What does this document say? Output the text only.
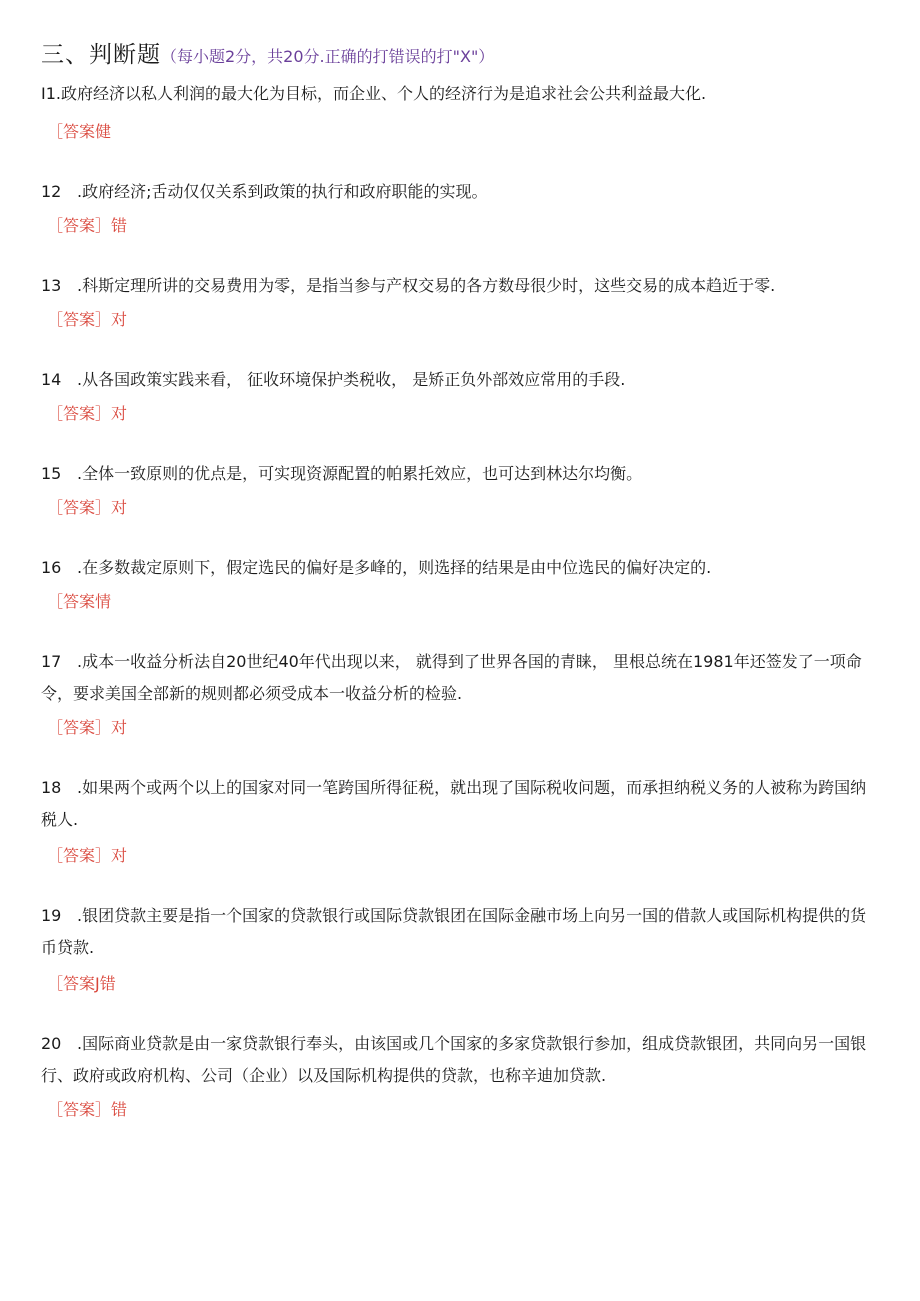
三、判断题（每小题2分，共20分.正确的打错误的打"X"）
I1.政府经济以私人利润的最大化为目标，而企业、个人的经济行为是追求社会公共利益最大化.
［答案健
12 .政府经济;舌动仅仅关系到政策的执行和政府职能的实现。
［答案］错
13 .科斯定理所讲的交易费用为零，是指当参与产权交易的各方数母很少时，这些交易的成本趋近于零.
［答案］对
14 .从各国政策实践来看， 征收环境保护类税收， 是矫正负外部效应常用的手段.
［答案］对
15 .全体一致原则的优点是，可实现资源配置的帕累托效应，也可达到林达尔均衡。
［答案］对
16 .在多数裁定原则下，假定选民的偏好是多峰的，则选择的结果是由中位选民的偏好决定的.
［答案情
17 .成本一收益分析法自20世纪40年代出现以来， 就得到了世界各国的青睐， 里根总统在1981年还签发了一项命令，要求美国全部新的规则都必须受成本一收益分析的检验.
［答案］对
18 .如果两个或两个以上的国家对同一笔跨国所得征税，就出现了国际税收问题，而承担纳税义务的人被称为跨国纳税人.
［答案］对
19 .银团贷款主要是指一个国家的贷款银行或国际贷款银团在国际金融市场上向另一国的借款人或国际机构提供的货币贷款.
［答案J错
20 .国际商业贷款是由一家贷款银行奉头，由该国或几个国家的多家贷款银行参加，组成贷款银团，共同向另一国银行、政府或政府机构、公司（企业）以及国际机构提供的贷款，也称辛迪加贷款.
［答案］错
